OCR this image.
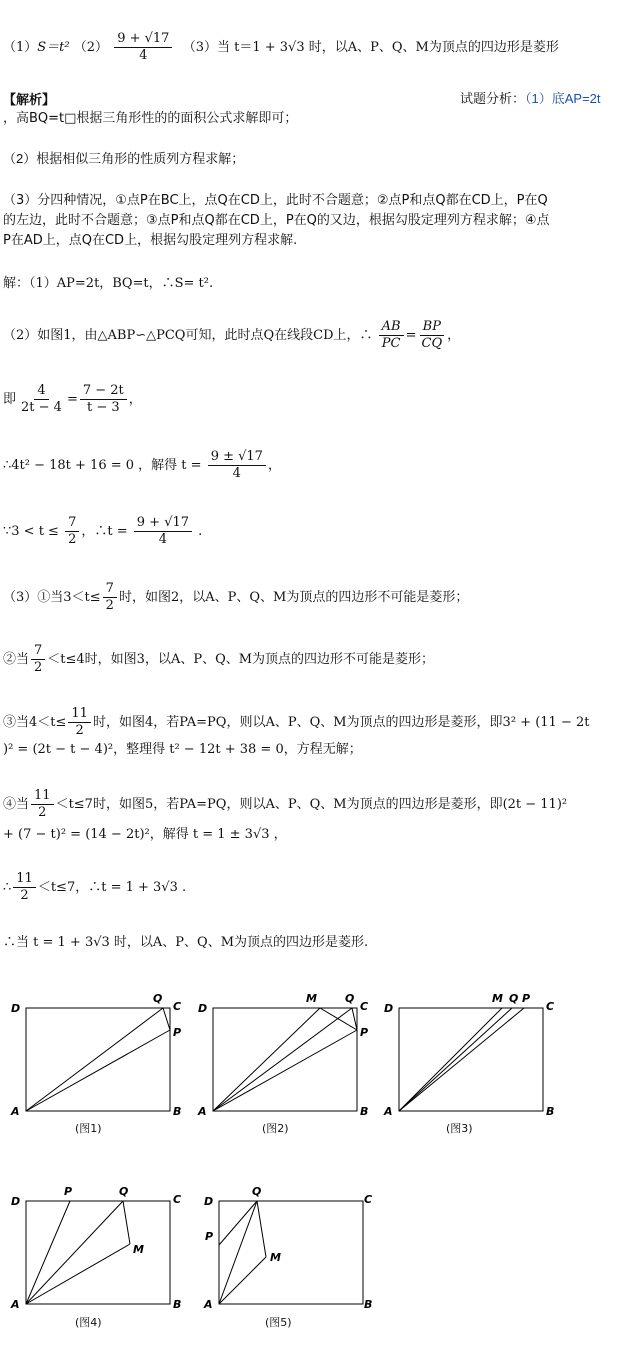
（1）S＝t² $(2) \frac{9 + √17}{4} (3)$当 t＝1 + 3√3 时，以A、P、Q、M为顶点的四边形是菱形
【解析】	试题分析：（1）底AP=2t
，高BQ=t□根据三角形性的的面积公式求解即可；
（2）根据相似三角形的性质列方程求解；
（3）分四种情况，①点P在BC上，点Q在CD上，此时不合题意；②点P和点Q都在CD上，P在Q
的左边，此时不合题意；③点P和点Q都在CD上，P在Q的又边，根据勾股定理列方程求解；④点
P在AD上，点Q在CD上，根据勾股定理列方程求解.
解：（1）AP=2t，BQ=t，∴S= t².
（2）如图1，由△ABP∽△PCQ可知，此时点Q在线段CD上，∴ $\frac{AB}{PC} = \frac{BP}{CQ}$ ，
即 $\frac{4}{2t - 4} = \frac{7 - 2t}{t - 3}$ ，
∴4t² − 18t + 16 = 0 ，解得 $t = \frac{9 \pm √17}{4}$ ，
∵3 < $t \le \frac{7}{2}$ ，∴t = $\frac{9 + √17}{4}$ .
（3）①当$3<t\le \frac{7}{2}$ 时，如图2，以A、P、Q、M为顶点的四边形不可能是菱形；
②当 $\frac{7}{2} <t\le 4$时，如图3，以A、P、Q、M为顶点的四边形不可能是菱形；
③当$4<t\le \frac{11}{2}$ 时，如图4，若PA=PQ，则以A、P、Q、M为顶点的四边形是菱形，即3² + (11 − 2t
)² = (2t − t − 4)²，整理得 t² − 12t + 38 = 0，方程无解；
④当 $\frac{11}{2} <t\le 7$时，如图5，若PA=PQ，则以A、P、Q、M为顶点的四边形是菱形，即(2t − 11)²
+ (7 − t)² = (14 − 2t)²，解得 t = 1 ± 3√3 ，
∴ $\frac{11}{2} <t\le 7$，∴t = 1 + 3√3 .
∴当 t = 1 + 3√3 时，以A、P、Q、M为顶点的四边形是菱形.
D
A	B
C
Q
P
(图1)
D
A	B
C
M	Q
P
(图2)
D
A	B
C
M Q P
(图3)
D
A	B
C
P	Q
M
(图4)
D
A	B
C
Q
P
M
(图5)
